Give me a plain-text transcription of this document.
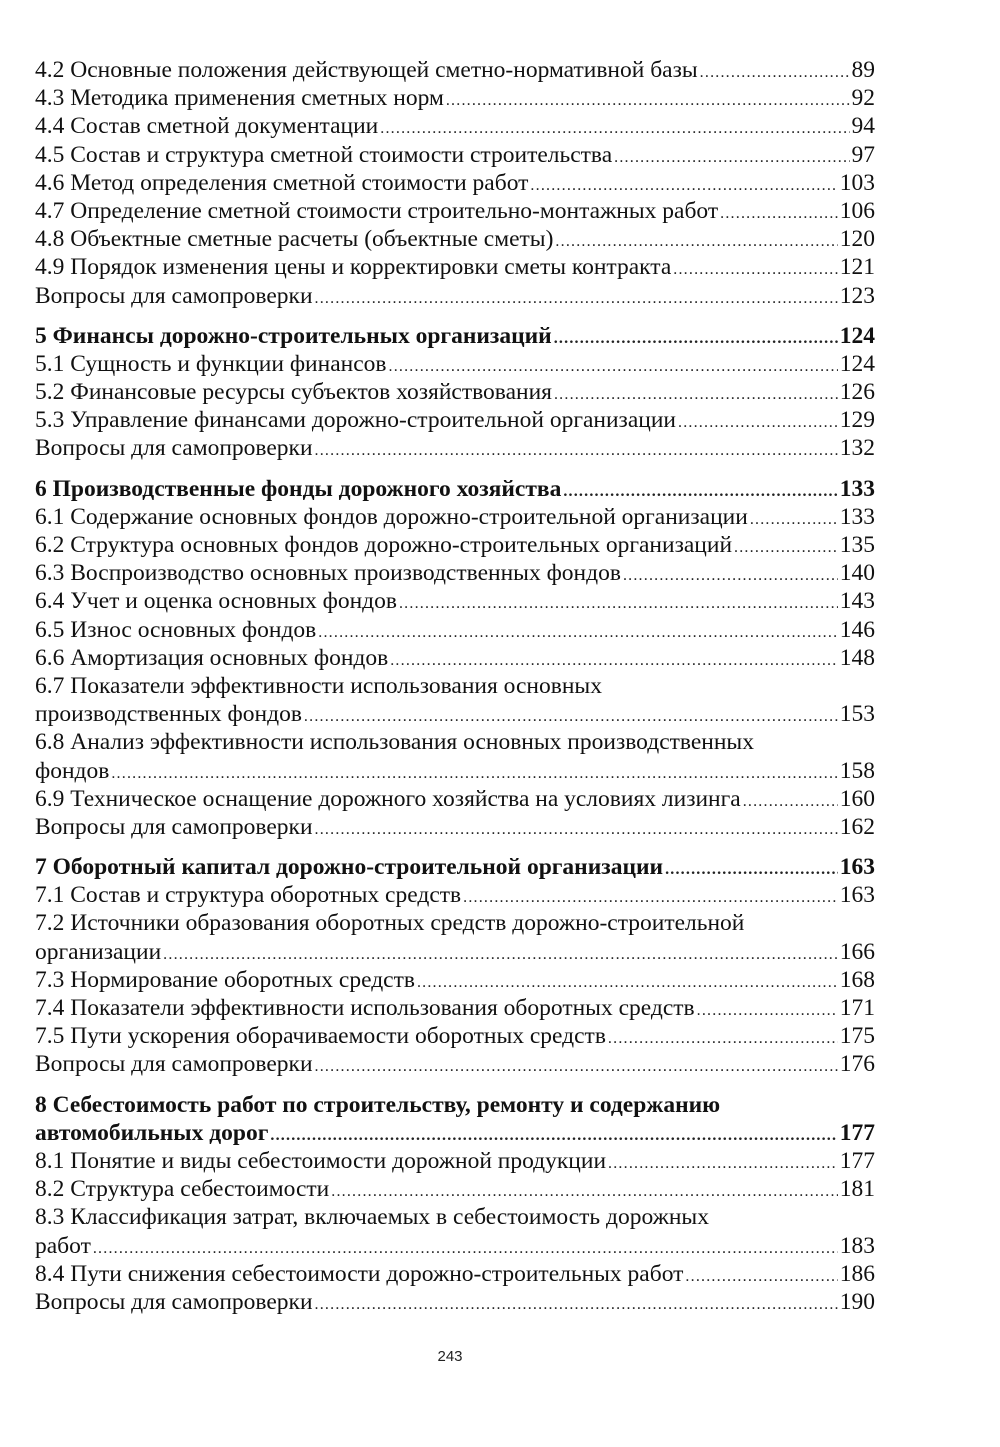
4.2 Основные положения действующей сметно-нормативной базы .....	89
4.3 Методика применения сметных норм .....	92
4.4 Состав сметной документации .....	94
4.5 Состав и структура сметной стоимости строительства .....	97
4.6 Метод определения сметной стоимости работ .....	103
4.7 Определение сметной стоимости строительно-монтажных работ .....	106
4.8 Объектные сметные расчеты (объектные сметы) .....	120
4.9 Порядок изменения цены и корректировки сметы контракта .....	121
Вопросы для самопроверки .....	123
5 Финансы дорожно-строительных организаций .....	124
5.1 Сущность и функции финансов .....	124
5.2 Финансовые ресурсы субъектов хозяйствования .....	126
5.3 Управление финансами дорожно-строительной организации .....	129
Вопросы для самопроверки .....	132
6 Производственные фонды дорожного хозяйства .....	133
6.1 Содержание основных фондов дорожно-строительной организации .....	133
6.2 Структура основных фондов дорожно-строительных организаций .....	135
6.3 Воспроизводство основных производственных фондов .....	140
6.4 Учет и оценка основных фондов .....	143
6.5 Износ основных фондов .....	146
6.6 Амортизация основных фондов .....	148
6.7 Показатели эффективности использования основных
производственных фондов .....	153
6.8 Анализ эффективности использования основных производственных
фондов .....	158
6.9 Техническое оснащение дорожного хозяйства на условиях лизинга .....	160
Вопросы для самопроверки .....	162
7 Оборотный капитал дорожно-строительной организации .....	163
7.1 Состав и структура оборотных средств .....	163
7.2 Источники образования оборотных средств дорожно-строительной
организации .....	166
7.3 Нормирование оборотных средств .....	168
7.4 Показатели эффективности использования оборотных средств .....	171
7.5 Пути ускорения оборачиваемости оборотных средств .....	175
Вопросы для самопроверки .....	176
8 Себестоимость работ по строительству, ремонту и содержанию
автомобильных дорог .....	177
8.1 Понятие и виды себестоимости дорожной продукции .....	177
8.2 Структура себестоимости .....	181
8.3 Классификация затрат, включаемых в себестоимость дорожных
работ .....	183
8.4 Пути снижения себестоимости дорожно-строительных работ .....	186
Вопросы для самопроверки .....	190
243
